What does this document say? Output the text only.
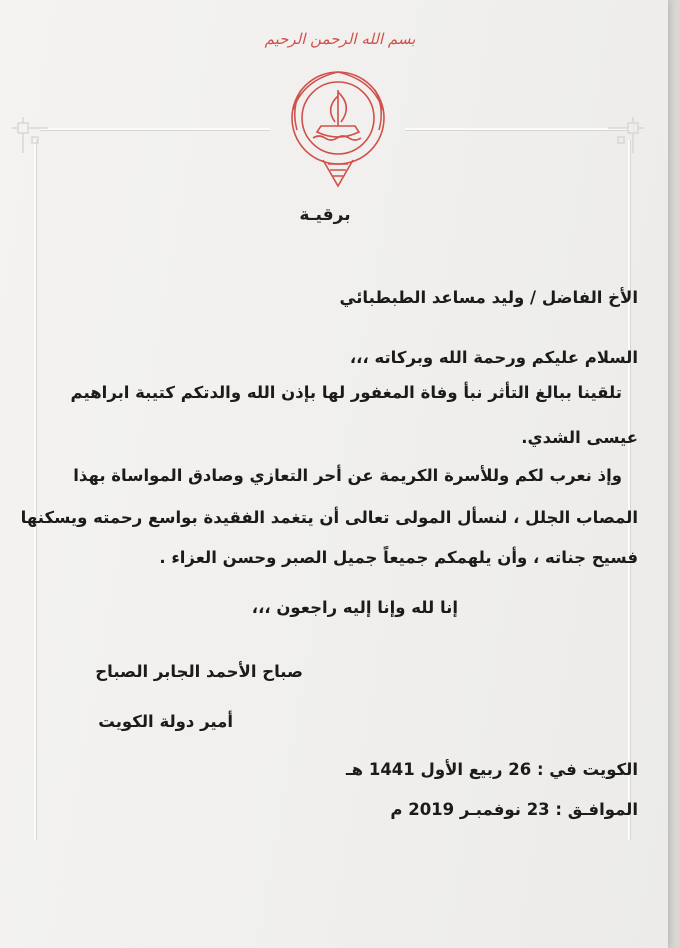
بسم الله الرحمن الرحيم
برقيـة
الأخ الفاضل / وليد مساعد الطبطبائي
السلام عليكم ورحمة الله وبركاته ،،،
تلقينا ببالغ التأثر نبأ وفاة المغفور لها بإذن الله والدتكم كتيبة ابراهيم
عيسى الشدي.
وإذ نعرب لكم وللأسرة الكريمة عن أحر التعازي وصادق المواساة بهذا
المصاب الجلل ، لنسأل المولى تعالى أن يتغمد الفقيدة بواسع رحمته ويسكنها
فسيح جناته ، وأن يلهمكم جميعاً جميل الصبر وحسن العزاء .
إنا لله وإنا إليه راجعون ،،،
صباح الأحمد الجابر الصباح
أمير دولة الكويت
الكويت في : 26 ربيع الأول 1441 هـ
الموافـق : 23 نوفمبـر 2019 م
